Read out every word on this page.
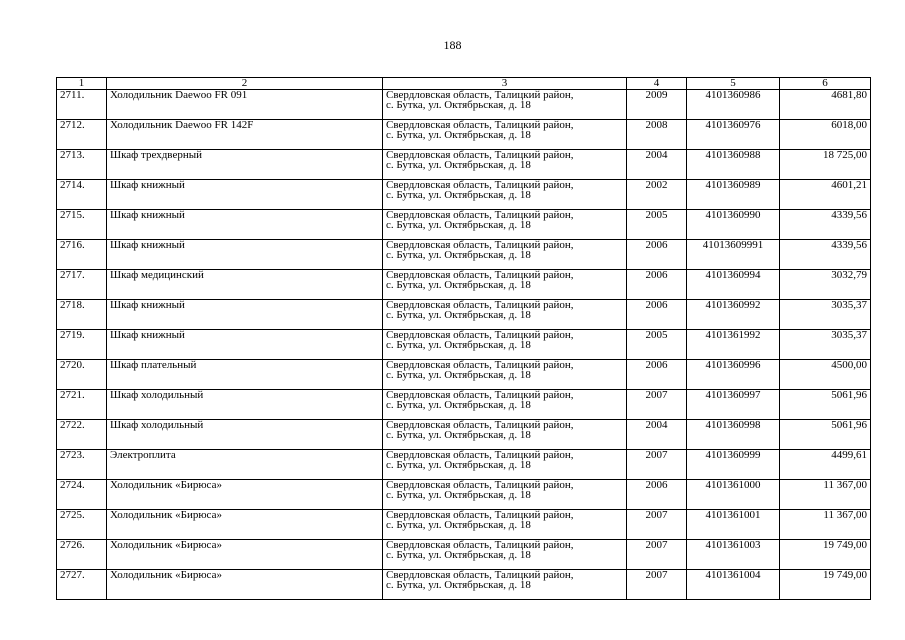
188
1	2	3	4	5	6
2711.	Холодильник Daewoo FR 091	Свердловская область, Талицкий район,
с. Бутка, ул. Октябрьская, д. 18	2009	4101360986	4681,80
2712.	Холодильник Daewoo FR 142F	Свердловская область, Талицкий район,
с. Бутка, ул. Октябрьская, д. 18	2008	4101360976	6018,00
2713.	Шкаф трехдверный	Свердловская область, Талицкий район,
с. Бутка, ул. Октябрьская, д. 18	2004	4101360988	18 725,00
2714.	Шкаф книжный	Свердловская область, Талицкий район,
с. Бутка, ул. Октябрьская, д. 18	2002	4101360989	4601,21
2715.	Шкаф книжный	Свердловская область, Талицкий район,
с. Бутка, ул. Октябрьская, д. 18	2005	4101360990	4339,56
2716.	Шкаф книжный	Свердловская область, Талицкий район,
с. Бутка, ул. Октябрьская, д. 18	2006	41013609991	4339,56
2717.	Шкаф медицинский	Свердловская область, Талицкий район,
с. Бутка, ул. Октябрьская, д. 18	2006	4101360994	3032,79
2718.	Шкаф книжный	Свердловская область, Талицкий район,
с. Бутка, ул. Октябрьская, д. 18	2006	4101360992	3035,37
2719.	Шкаф книжный	Свердловская область, Талицкий район,
с. Бутка, ул. Октябрьская, д. 18	2005	4101361992	3035,37
2720.	Шкаф плательный	Свердловская область, Талицкий район,
с. Бутка, ул. Октябрьская, д. 18	2006	4101360996	4500,00
2721.	Шкаф холодильный	Свердловская область, Талицкий район,
с. Бутка, ул. Октябрьская, д. 18	2007	4101360997	5061,96
2722.	Шкаф холодильный	Свердловская область, Талицкий район,
с. Бутка, ул. Октябрьская, д. 18	2004	4101360998	5061,96
2723.	Электроплита	Свердловская область, Талицкий район,
с. Бутка, ул. Октябрьская, д. 18	2007	4101360999	4499,61
2724.	Холодильник «Бирюса»	Свердловская область, Талицкий район,
с. Бутка, ул. Октябрьская, д. 18	2006	4101361000	11 367,00
2725.	Холодильник «Бирюса»	Свердловская область, Талицкий район,
с. Бутка, ул. Октябрьская, д. 18	2007	4101361001	11 367,00
2726.	Холодильник «Бирюса»	Свердловская область, Талицкий район,
с. Бутка, ул. Октябрьская, д. 18	2007	4101361003	19 749,00
2727.	Холодильник «Бирюса»	Свердловская область, Талицкий район,
с. Бутка, ул. Октябрьская, д. 18	2007	4101361004	19 749,00
